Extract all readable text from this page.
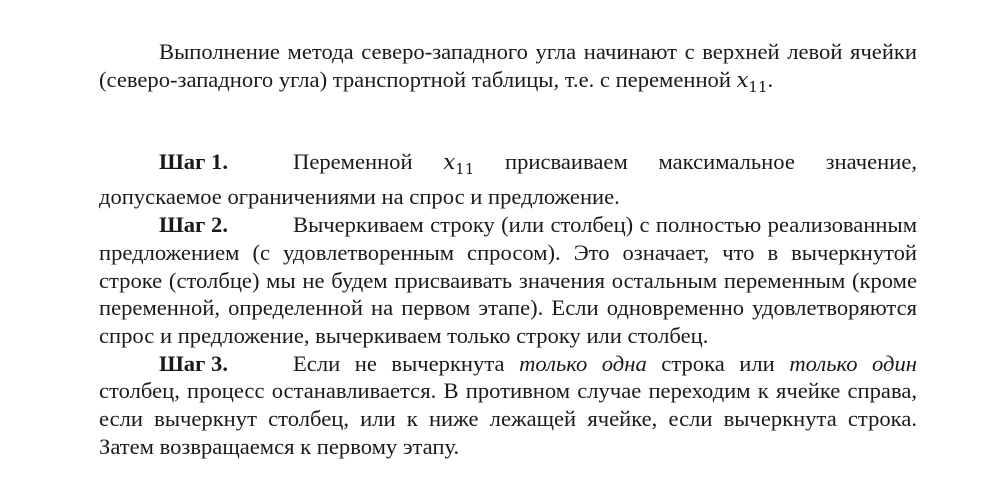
Выполнение метода северо-западного угла начинают с верхней левой ячейки (северо-западного угла) транспортной таблицы, т.е. с переменной $x_{11}$.

Шаг 1.	Переменной $x_{11}$ присваиваем максимальное значение, допускаемое ограничениями на спрос и предложение.

Шаг 2.	Вычеркиваем строку (или столбец) с полностью реализованным предложением (с удовлетворенным спросом). Это означает, что в вычеркнутой строке (столбце) мы не будем присваивать значения остальным переменным (кроме переменной, определенной на первом этапе). Если одновременно удовлетворяются спрос и предложение, вычеркиваем только строку или столбец.

Шаг 3.	Если не вычеркнута только одна строка или только один столбец, процесс останавливается. В противном случае переходим к ячейке справа, если вычеркнут столбец, или к ниже лежащей ячейке, если вычеркнута строка. Затем возвращаемся к первому этапу.
